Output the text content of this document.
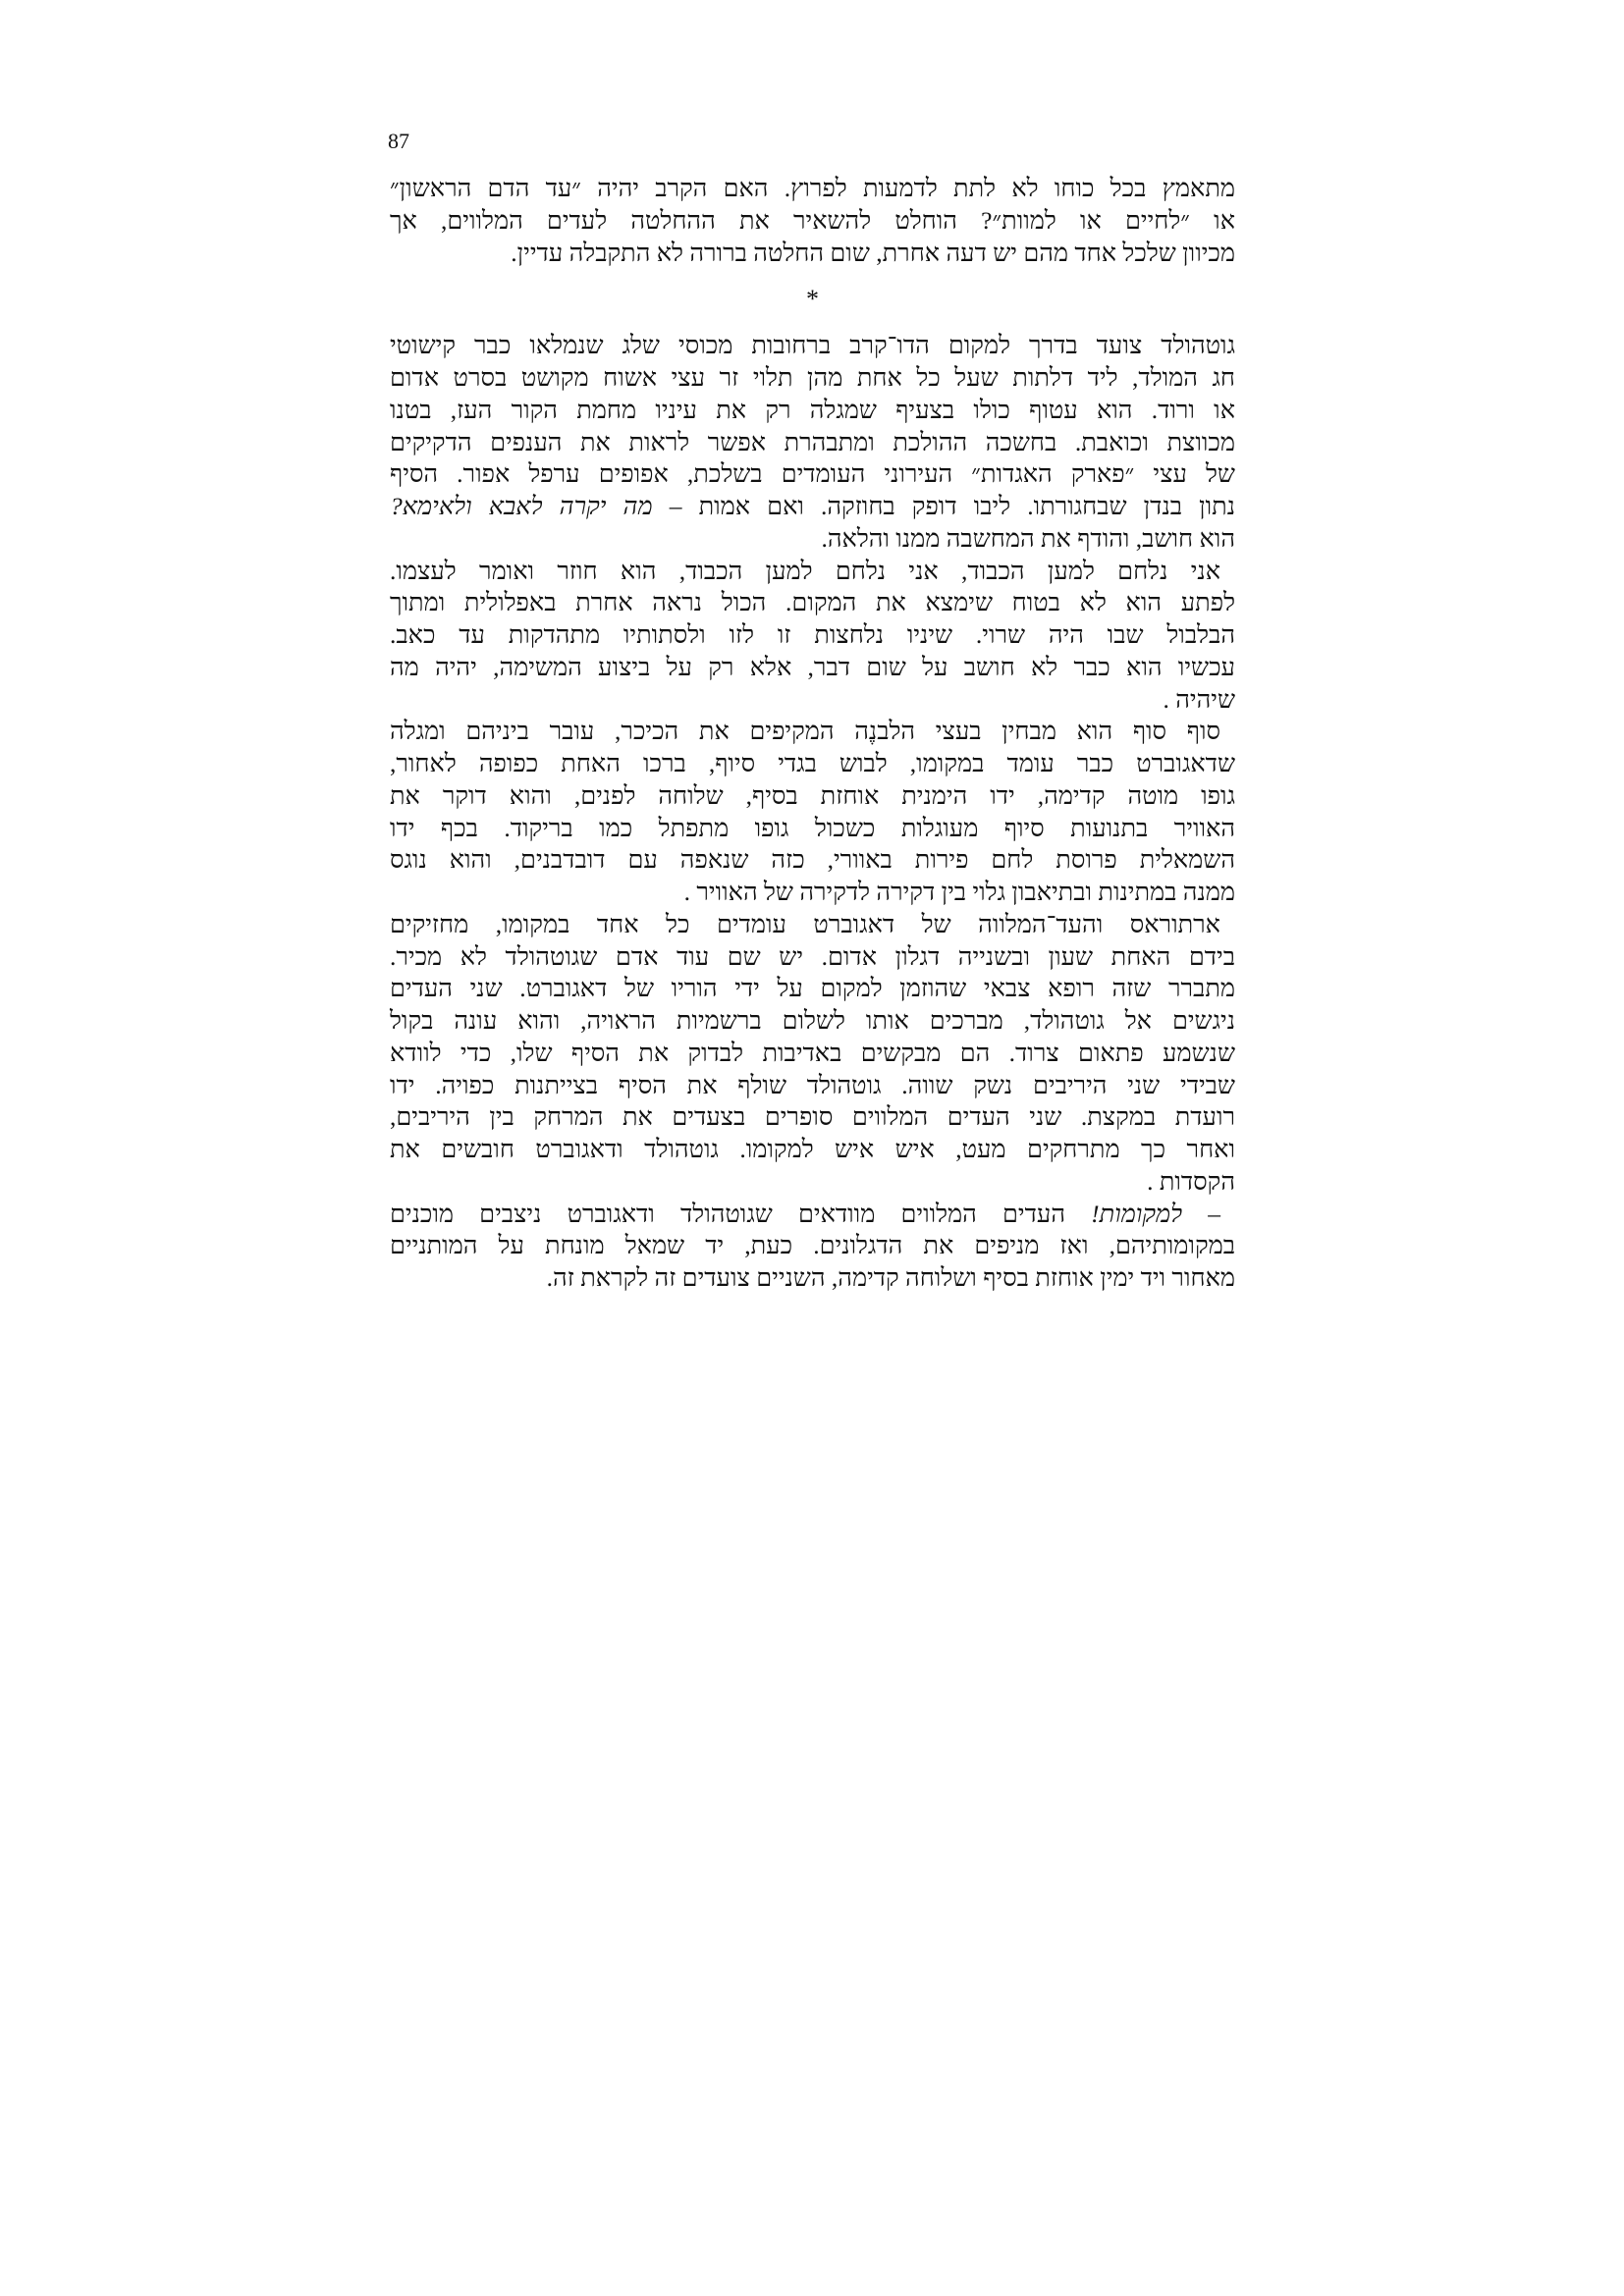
87
מתאמץ בכל כוחו לא לתת לדמעות לפרוץ. האם הקרב יהיה ״עד הדם הראשון״
או ״לחיים או למוות״? הוחלט להשאיר את ההחלטה לעדים המלווים, אך
מכיוון שלכל אחד מהם יש דעה אחרת, שום החלטה ברורה לא התקבלה עדיין.
*
גוטהולד צועד בדרך למקום הדו־קרב ברחובות מכוסי שלג שנמלאו כבר קישוטי
חג המולד, ליד דלתות שעל כל אחת מהן תלוי זר עצי אשוח מקושט בסרט אדום
או ורוד. הוא עטוף כולו בצעיף שמגלה רק את עיניו מחמת הקור העז, בטנו
מכווצת וכואבת. בחשכה ההולכת ומתבהרת אפשר לראות את הענפים הדקיקים
של עצי ״פארק האגדות״ העירוני העומדים בשלכת, אפופים ערפל אפור. הסיף
נתון בנדן שבחגורתו. ליבו דופק בחוזקה. ואם אמות – מה יקרה לאבא ולאימא?
הוא חושב, והודף את המחשבה ממנו והלאה.
אני נלחם למען הכבוד, אני נלחם למען הכבוד, הוא חוזר ואומר לעצמו.
לפתע הוא לא בטוח שימצא את המקום. הכול נראה אחרת באפלולית ומתוך
הבלבול שבו היה שרוי. שיניו נלחצות זו לזו ולסתותיו מתהדקות עד כאב.
עכשיו הוא כבר לא חושב על שום דבר, אלא רק על ביצוע המשימה, יהיה מה
שיהיה .
סוף סוף הוא מבחין בעצי הלבנֶה המקיפים את הכיכר, עובר ביניהם ומגלה
שדאגוברט כבר עומד במקומו, לבוש בגדי סיוף, ברכו האחת כפופה לאחור,
גופו מוטה קדימה, ידו הימנית אוחזת בסיף, שלוחה לפנים, והוא דוקר את
האוויר בתנועות סיוף מעוגלות כשכול גופו מתפתל כמו בריקוד. בכף ידו
השמאלית פרוסת לחם פירות באוורי, כזה שנאפה עם דובדבנים, והוא נוגס
ממנה במתינות ובתיאבון גלוי בין דקירה לדקירה של האוויר .
ארתוראס והעד־המלווה של דאגוברט עומדים כל אחד במקומו, מחזיקים
בידם האחת שעון ובשנייה דגלון אדום. יש שם עוד אדם שגוטהולד לא מכיר.
מתברר שזה רופא צבאי שהוזמן למקום על ידי הוריו של דאגוברט. שני העדים
ניגשים אל גוטהולד, מברכים אותו לשלום ברשמיות הראויה, והוא עונה בקול
שנשמע פתאום צרוד. הם מבקשים באדיבות לבדוק את הסיף שלו, כדי לוודא
שבידי שני היריבים נשק שווה. גוטהולד שולף את הסיף בצייתנות כפויה. ידו
רועדת במקצת. שני העדים המלווים סופרים בצעדים את המרחק בין היריבים,
ואחר כך מתרחקים מעט, איש איש למקומו. גוטהולד ודאגוברט חובשים את
הקסדות .
– למקומות! העדים המלווים מוודאים שגוטהולד ודאגוברט ניצבים מוכנים
במקומותיהם, ואז מניפים את הדגלונים. כעת, יד שמאל מונחת על המותניים
מאחור ויד ימין אוחזת בסיף ושלוחה קדימה, השניים צועדים זה לקראת זה.
